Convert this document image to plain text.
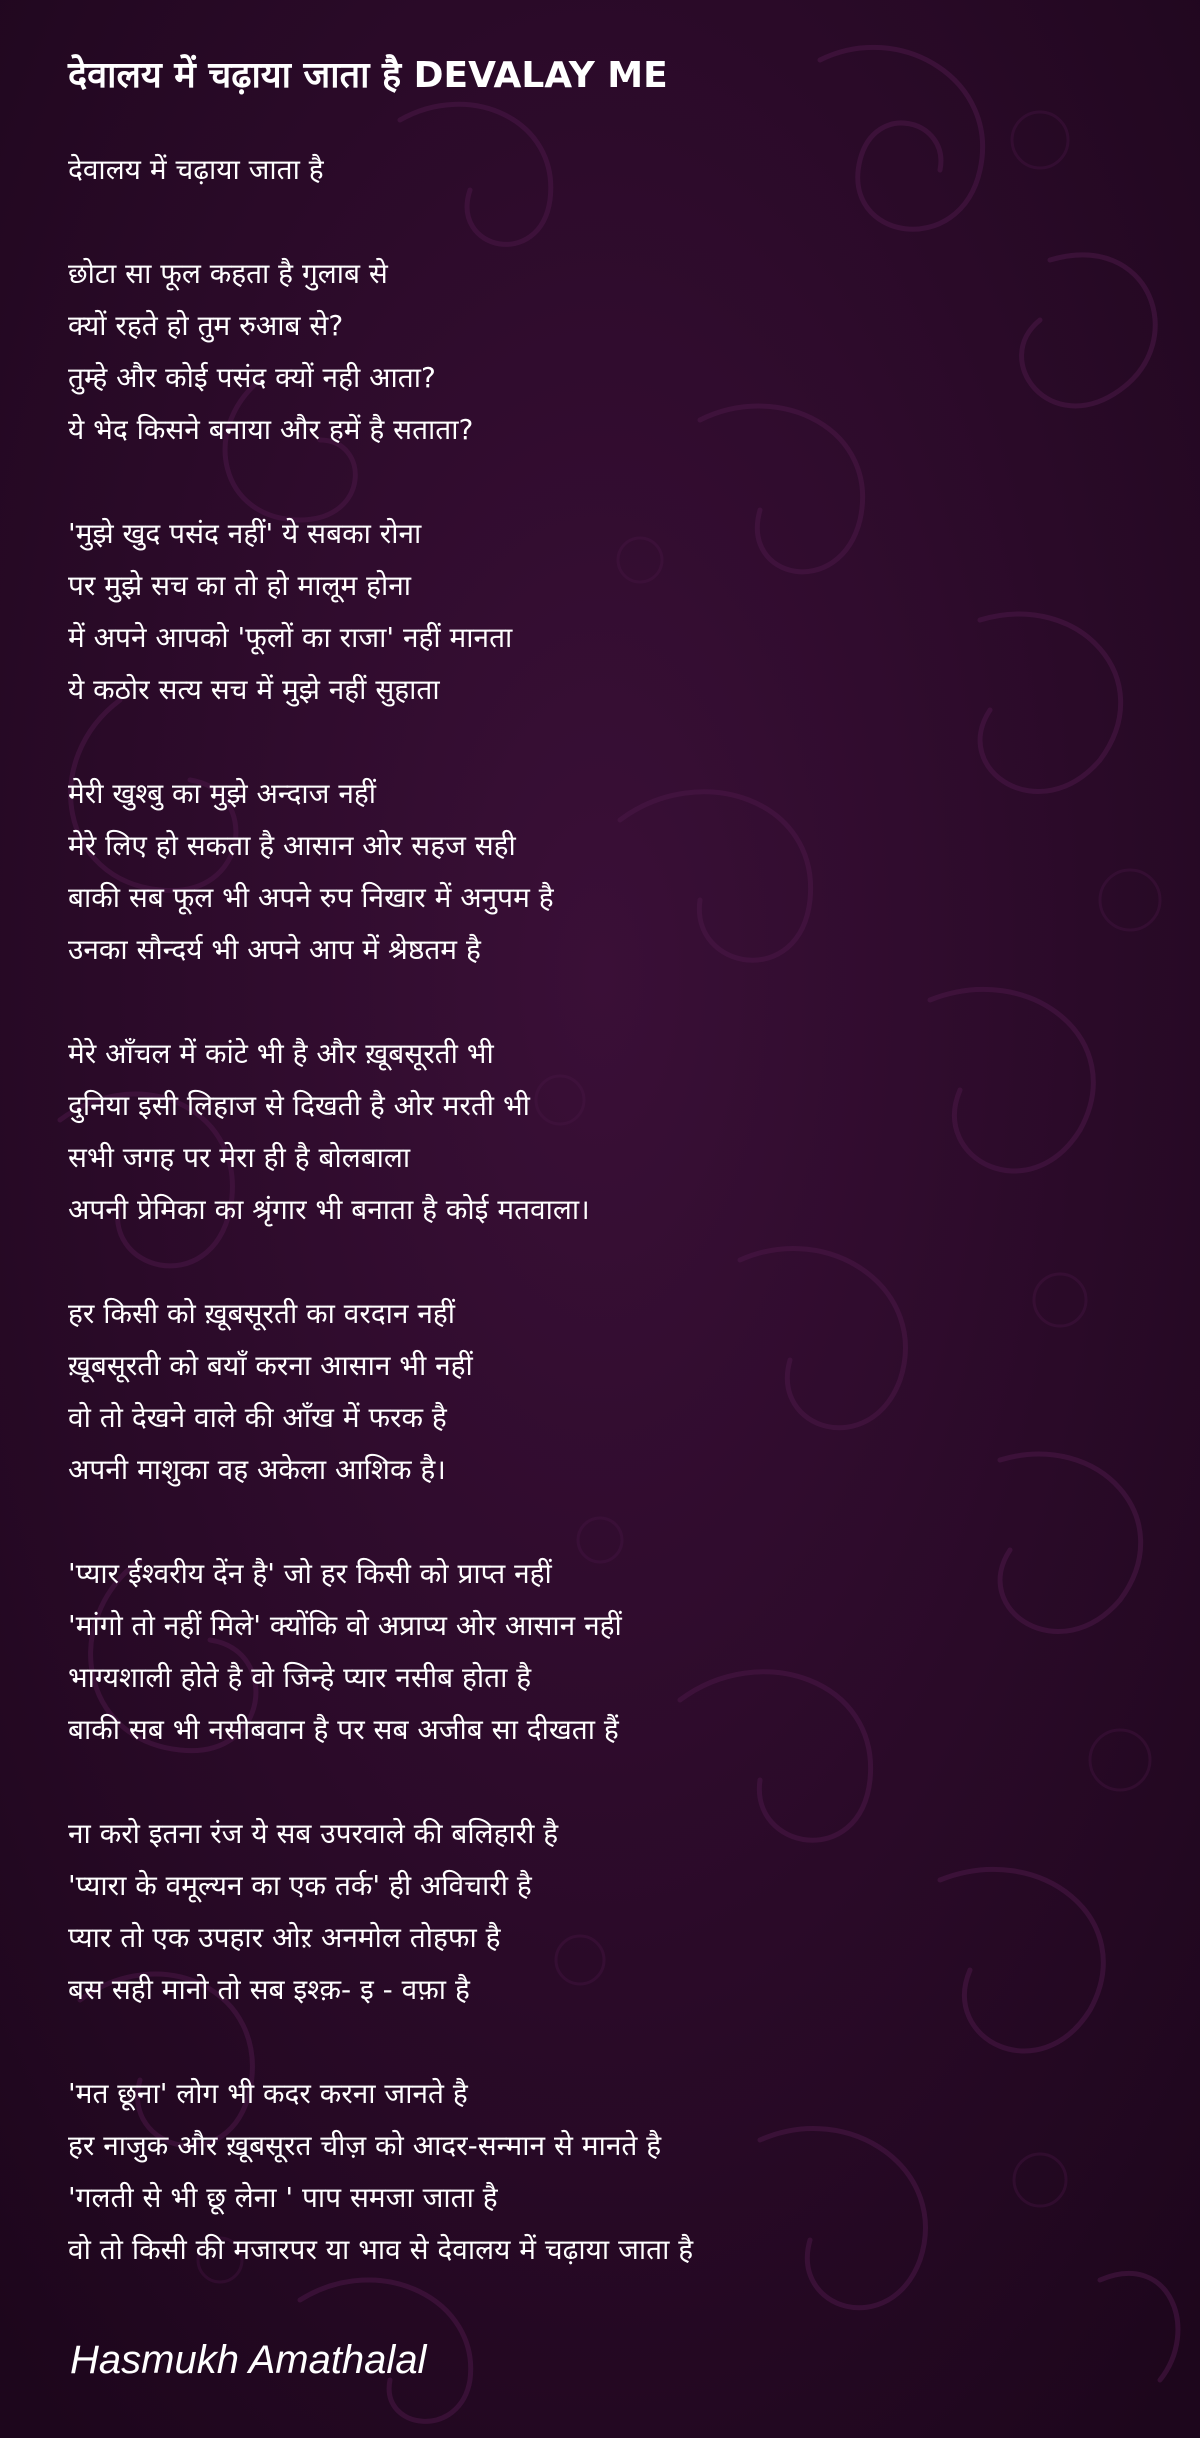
देवालय में चढ़ाया जाता है DEVALAY ME
देवालय में चढ़ाया जाता है
छोटा सा फूल कहता है गुलाब से
क्यों रहते हो तुम रुआब से?
तुम्हे और कोई पसंद क्यों नही आता?
ये भेद किसने बनाया और हमें है सताता?
'मुझे खुद पसंद नहीं' ये सबका रोना
पर मुझे सच का तो हो मालूम होना
में अपने आपको 'फूलों का राजा' नहीं मानता
ये कठोर सत्य सच में मुझे नहीं सुहाता
मेरी खुश्बु का मुझे अन्दाज नहीं
मेरे लिए हो सकता है आसान ओर सहज सही
बाकी सब फूल भी अपने रुप निखार में अनुपम है
उनका सौन्दर्य भी अपने आप में श्रेष्ठतम है
मेरे आँचल में कांटे भी है और ख़ूबसूरती भी
दुनिया इसी लिहाज से दिखती है ओर मरती भी
सभी जगह पर मेरा ही है बोलबाला
अपनी प्रेमिका का श्रृंगार भी बनाता है कोई मतवाला।
हर किसी को ख़ूबसूरती का वरदान नहीं
ख़ूबसूरती को बयाँ करना आसान भी नहीं
वो तो देखने वाले की आँख में फरक है
अपनी माशुका वह अकेला आशिक है।
'प्यार ईश्वरीय देंन है' जो हर किसी को प्राप्त नहीं
'मांगो तो नहीं मिले' क्योंकि वो अप्राप्य ओर आसान नहीं
भाग्यशाली होते है वो जिन्हे प्यार नसीब होता है
बाकी सब भी नसीबवान है पर सब अजीब सा दीखता हैं
ना करो इतना रंज ये सब उपरवाले की बलिहारी है
'प्यारा के वमूल्यन का एक तर्क' ही अविचारी है
प्यार तो एक उपहार ओऱ अनमोल तोहफा है
बस सही मानो तो सब इश्क़- इ - वफ़ा है
'मत छूना' लोग भी कदर करना जानते है
हर नाजुक और ख़ूबसूरत चीज़ को आदर-सन्मान से मानते है
'गलती से भी छू लेना ' पाप समजा जाता है
वो तो किसी की मजारपर या भाव से देवालय में चढ़ाया जाता है
Hasmukh Amathalal
